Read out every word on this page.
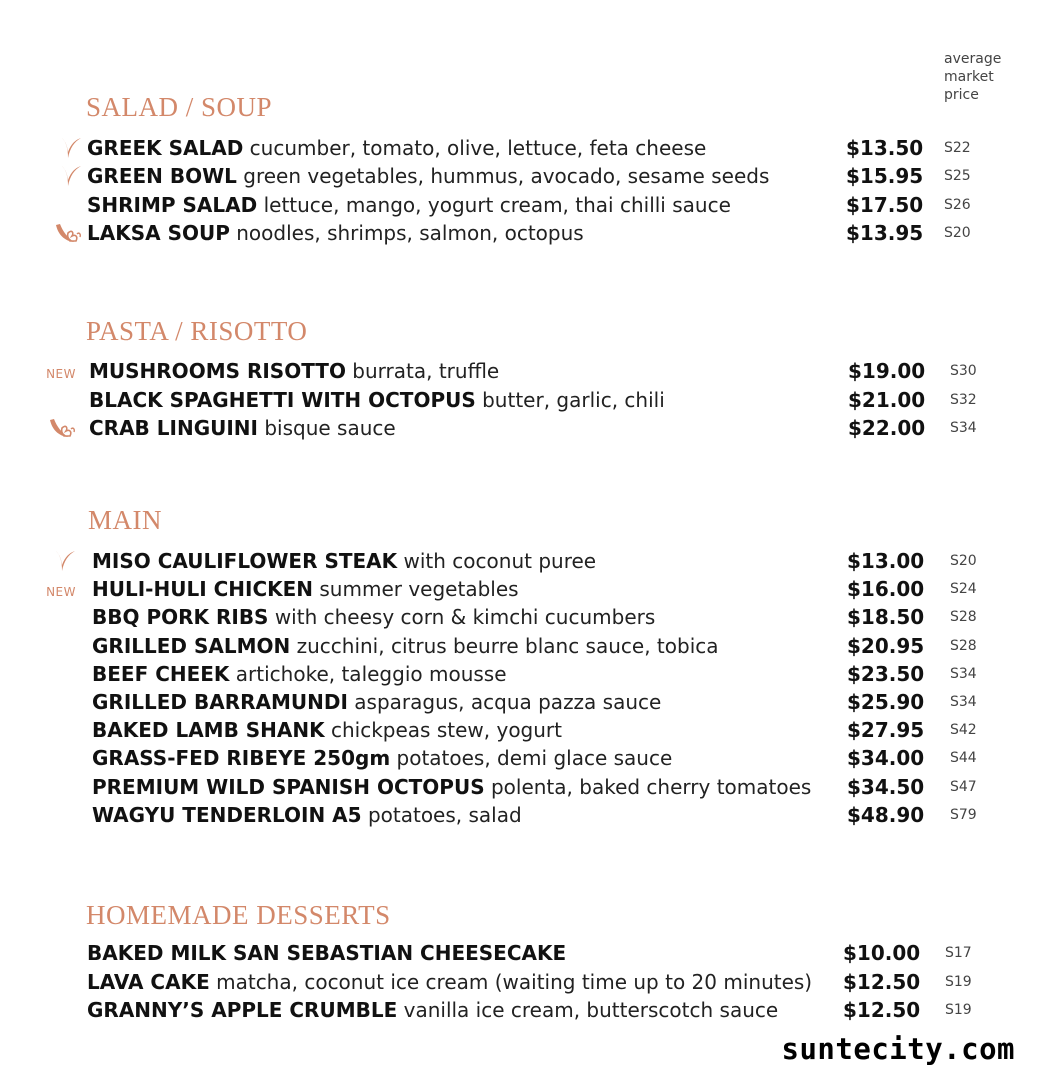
average market price
SALAD / SOUP
GREEK SALAD cucumber, tomato, olive, lettuce, feta cheese	$13.50 S22
GREEN BOWL green vegetables, hummus, avocado, sesame seeds	$15.95 S25
SHRIMP SALAD lettuce, mango, yogurt cream, thai chilli sauce	$17.50 S26
LAKSA SOUP noodles, shrimps, salmon, octopus	$13.95 S20
PASTA / RISOTTO
NEW MUSHROOMS RISOTTO burrata, truffle	$19.00 S30
BLACK SPAGHETTI WITH OCTOPUS butter, garlic, chili	$21.00 S32
CRAB LINGUINI bisque sauce	$22.00 S34
MAIN
MISO CAULIFLOWER STEAK with coconut puree	$13.00 S20
NEW HULI-HULI CHICKEN summer vegetables	$16.00 S24
BBQ PORK RIBS with cheesy corn & kimchi cucumbers	$18.50 S28
GRILLED SALMON zucchini, citrus beurre blanc sauce, tobica	$20.95 S28
BEEF CHEEK artichoke, taleggio mousse	$23.50 S34
GRILLED BARRAMUNDI asparagus, acqua pazza sauce	$25.90 S34
BAKED LAMB SHANK chickpeas stew, yogurt	$27.95 S42
GRASS-FED RIBEYE 250gm potatoes, demi glace sauce	$34.00 S44
PREMIUM WILD SPANISH OCTOPUS polenta, baked cherry tomatoes $34.50 S47
WAGYU TENDERLOIN A5 potatoes, salad	$48.90 S79
HOMEMADE DESSERTS
BAKED MILK SAN SEBASTIAN CHEESECAKE	$10.00 S17
LAVA CAKE matcha, coconut ice cream (waiting time up to 20 minutes) $12.50 S19
GRANNY’S APPLE CRUMBLE vanilla ice cream, butterscotch sauce	$12.50 S19
suntecity.com
